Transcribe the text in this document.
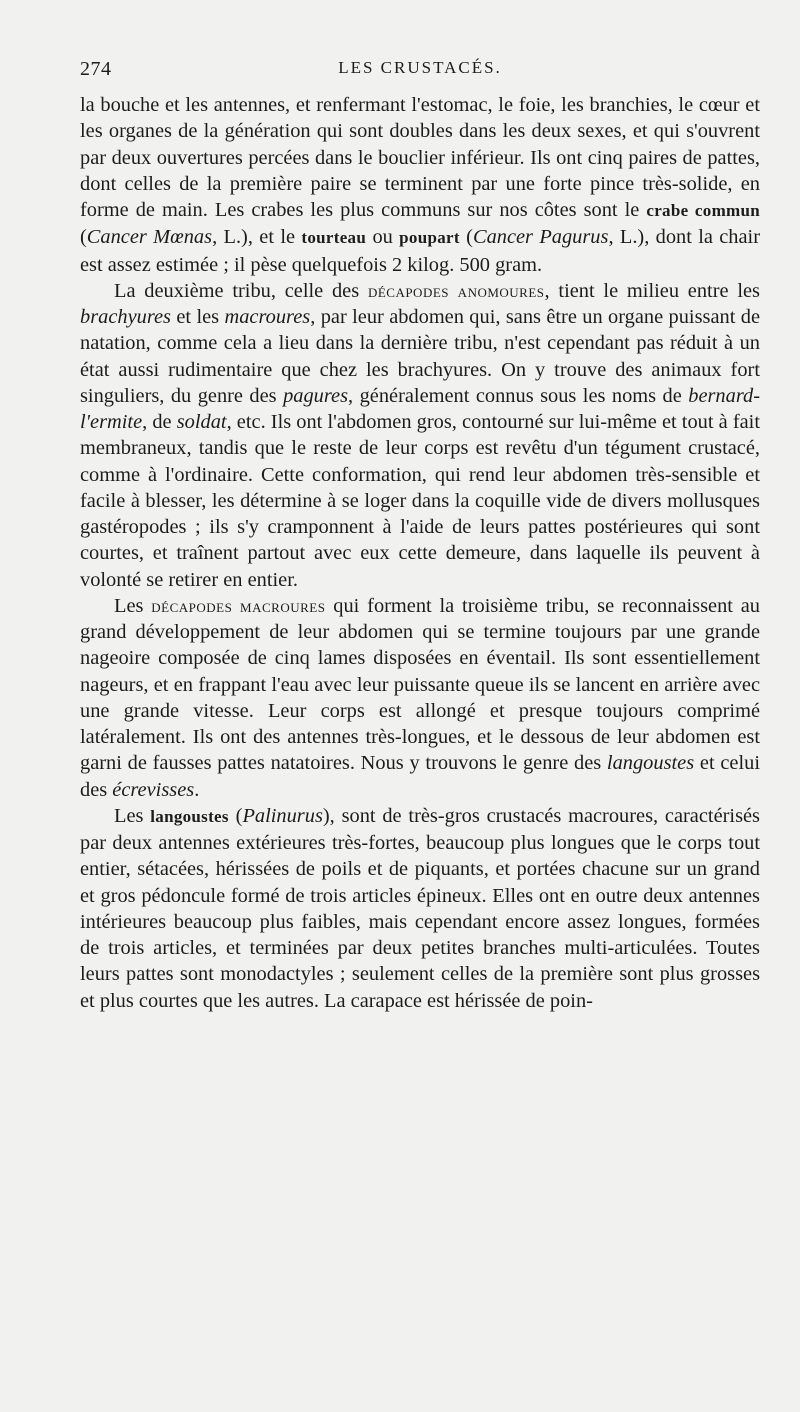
274	LES CRUSTACÉS.

la bouche et les antennes, et renfermant l'estomac, le foie, les branchies, le cœur et les organes de la génération qui sont doubles dans les deux sexes, et qui s'ouvrent par deux ouvertures percées dans le bouclier inférieur. Ils ont cinq paires de pattes, dont celles de la première paire se terminent par une forte pince très-solide, en forme de main. Les crabes les plus communs sur nos côtes sont le crabe commun (Cancer Mœnas, L.), et le tourteau ou poupart (Cancer Pagurus, L.), dont la chair est assez estimée ; il pèse quelquefois 2 kilog. 500 gram.

La deuxième tribu, celle des décapodes anomoures, tient le milieu entre les brachyures et les macroures, par leur abdomen qui, sans être un organe puissant de natation, comme cela a lieu dans la dernière tribu, n'est cependant pas réduit à un état aussi rudimentaire que chez les brachyures. On y trouve des animaux fort singuliers, du genre des pagures, généralement connus sous les noms de bernard-l'ermite, de soldat, etc. Ils ont l'abdomen gros, contourné sur lui-même et tout à fait membraneux, tandis que le reste de leur corps est revêtu d'un tégument crustacé, comme à l'ordinaire. Cette conformation, qui rend leur abdomen très-sensible et facile à blesser, les détermine à se loger dans la coquille vide de divers mollusques gastéropodes ; ils s'y cramponnent à l'aide de leurs pattes postérieures qui sont courtes, et traînent partout avec eux cette demeure, dans laquelle ils peuvent à volonté se retirer en entier.

Les décapodes macroures qui forment la troisième tribu, se reconnaissent au grand développement de leur abdomen qui se termine toujours par une grande nageoire composée de cinq lames disposées en éventail. Ils sont essentiellement nageurs, et en frappant l'eau avec leur puissante queue ils se lancent en arrière avec une grande vitesse. Leur corps est allongé et presque toujours comprimé latéralement. Ils ont des antennes très-longues, et le dessous de leur abdomen est garni de fausses pattes natatoires. Nous y trouvons le genre des langoustes et celui des écrevisses.

Les langoustes (Palinurus), sont de très-gros crustacés macroures, caractérisés par deux antennes extérieures très-fortes, beaucoup plus longues que le corps tout entier, sétacées, hérissées de poils et de piquants, et portées chacune sur un grand et gros pédoncule formé de trois articles épineux. Elles ont en outre deux antennes intérieures beaucoup plus faibles, mais cependant encore assez longues, formées de trois articles, et terminées par deux petites branches multi-articulées. Toutes leurs pattes sont monodactyles ; seulement celles de la première sont plus grosses et plus courtes que les autres. La carapace est hérissée de poin-
